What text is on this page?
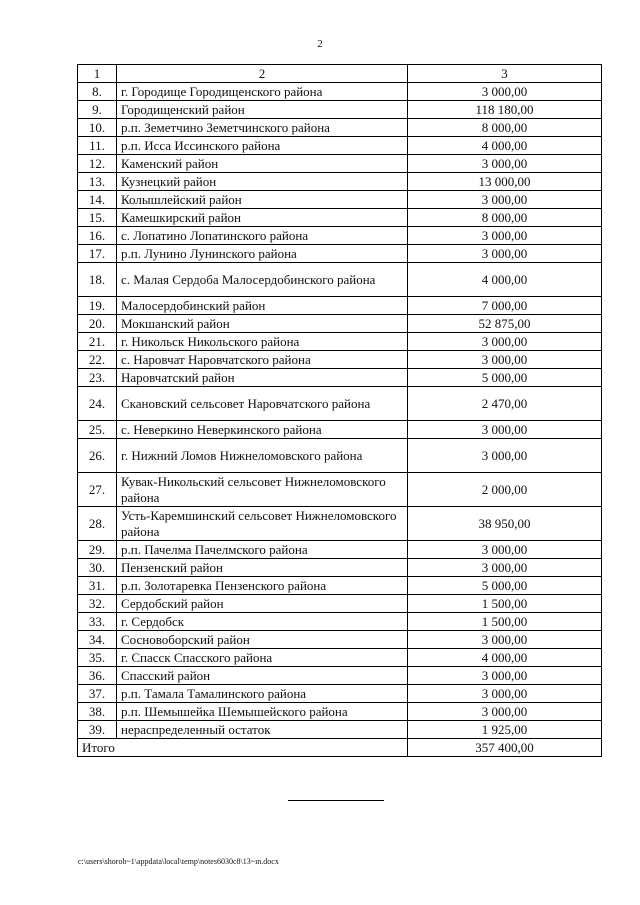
2
1	2	3
8.	г. Городище Городищенского района	3 000,00
9.	Городищенский район	118 180,00
10.	р.п. Земетчино Земетчинского района	8 000,00
11.	р.п. Исса Иссинского района	4 000,00
12.	Каменский район	3 000,00
13.	Кузнецкий район	13 000,00
14.	Колышлейский район	3 000,00
15.	Камешкирский район	8 000,00
16.	с. Лопатино Лопатинского района	3 000,00
17.	р.п. Лунино Лунинского района	3 000,00
18.	с. Малая Сердоба Малосердобинского района	4 000,00
19.	Малосердобинский район	7 000,00
20.	Мокшанский район	52 875,00
21.	г. Никольск Никольского района	3 000,00
22.	с. Наровчат Наровчатского района	3 000,00
23.	Наровчатский район	5 000,00
24.	Скановский сельсовет Наровчатского района	2 470,00
25.	с. Неверкино Неверкинского района	3 000,00
26.	г. Нижний Ломов Нижнеломовского района	3 000,00
27.	Кувак-Никольский сельсовет Нижнеломовского района	2 000,00
28.	Усть-Каремшинский сельсовет Нижнеломовского района	38 950,00
29.	р.п. Пачелма Пачелмского района	3 000,00
30.	Пензенский район	3 000,00
31.	р.п. Золотаревка Пензенского района	5 000,00
32.	Сердобский район	1 500,00
33.	г. Сердобск	1 500,00
34.	Сосновоборский район	3 000,00
35.	г. Спасск Спасского района	4 000,00
36.	Спасский район	3 000,00
37.	р.п. Тамала Тамалинского района	3 000,00
38.	р.п. Шемышейка Шемышейского района	3 000,00
39.	нераспределенный остаток	1 925,00
Итого		357 400,00
c:\users\shorob~1\appdata\local\temp\notes6030c8\13~ın.docx
